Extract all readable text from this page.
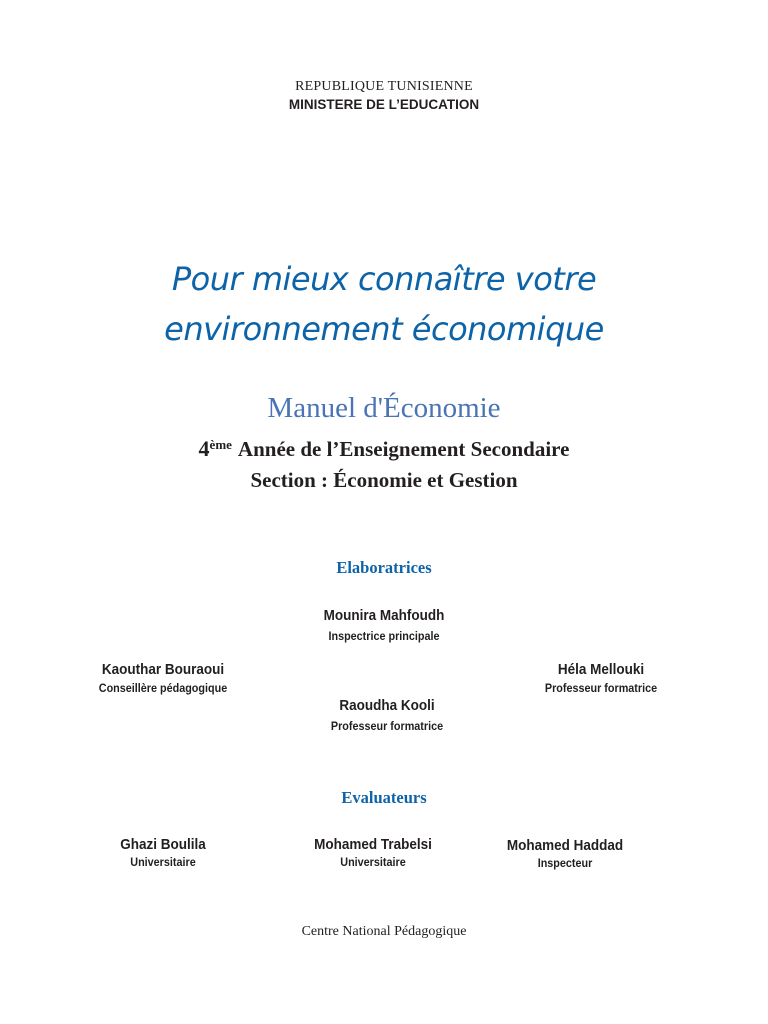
REPUBLIQUE TUNISIENNE
MINISTERE DE L’EDUCATION
Pour mieux connaître votre
environnement économique
Manuel d'Économie
4ème Année de l’Enseignement Secondaire
Section : Économie et Gestion
Elaboratrices
Mounira Mahfoudh
Inspectrice principale
Kaouthar Bouraoui
Conseillère pédagogique
Héla Mellouki
Professeur formatrice
Raoudha Kooli
Professeur formatrice
Evaluateurs
Ghazi Boulila
Universitaire
Mohamed Trabelsi
Universitaire
Mohamed Haddad
Inspecteur
Centre National Pédagogique
